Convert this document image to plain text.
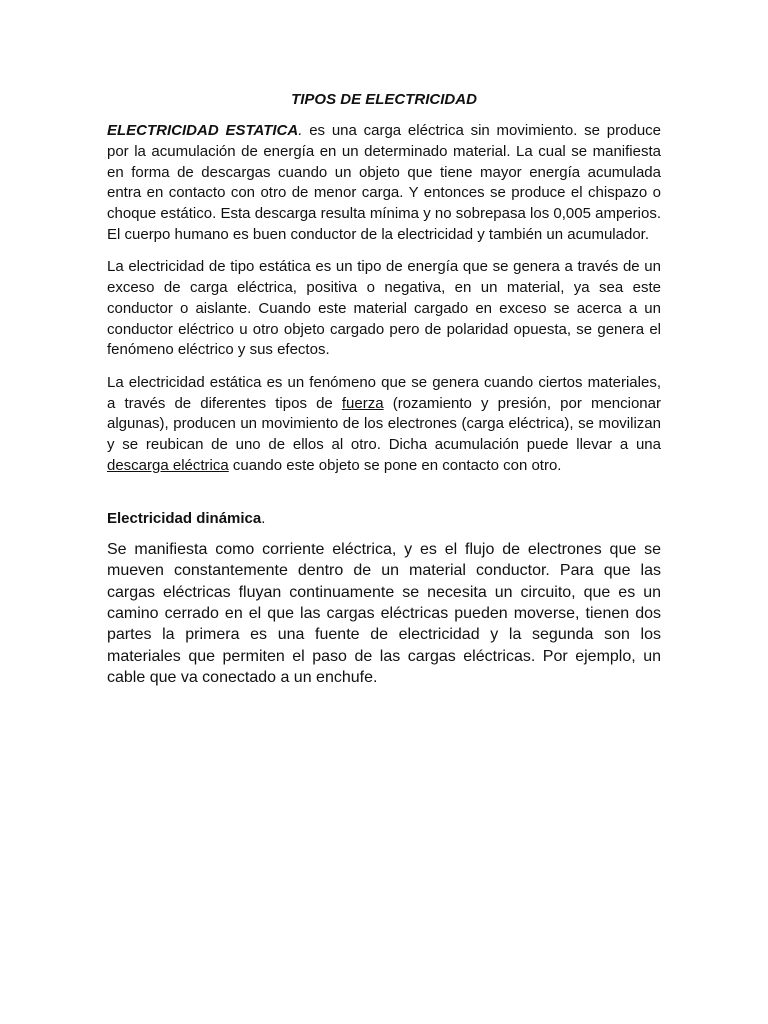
TIPOS DE ELECTRICIDAD

ELECTRICIDAD ESTATICA. es una carga eléctrica sin movimiento. se produce por la acumulación de energía en un determinado material. La cual se manifiesta en forma de descargas cuando un objeto que tiene mayor energía acumulada entra en contacto con otro de menor carga. Y entonces se produce el chispazo o choque estático. Esta descarga resulta mínima y no sobrepasa los 0,005 amperios. El cuerpo humano es buen conductor de la electricidad y también un acumulador.

La electricidad de tipo estática es un tipo de energía que se genera a través de un exceso de carga eléctrica, positiva o negativa, en un material, ya sea este conductor o aislante. Cuando este material cargado en exceso se acerca a un conductor eléctrico u otro objeto cargado pero de polaridad opuesta, se genera el fenómeno eléctrico y sus efectos.

La electricidad estática es un fenómeno que se genera cuando ciertos materiales, a través de diferentes tipos de fuerza (rozamiento y presión, por mencionar algunas), producen un movimiento de los electrones (carga eléctrica), se movilizan y se reubican de uno de ellos al otro. Dicha acumulación puede llevar a una descarga eléctrica cuando este objeto se pone en contacto con otro.

Electricidad dinámica.

Se manifiesta como corriente eléctrica, y es el flujo de electrones que se mueven constantemente dentro de un material conductor. Para que las cargas eléctricas fluyan continuamente se necesita un circuito, que es un camino cerrado en el que las cargas eléctricas pueden moverse, tienen dos partes la primera es una fuente de electricidad y la segunda son los materiales que permiten el paso de las cargas eléctricas. Por ejemplo, un cable que va conectado a un enchufe.
